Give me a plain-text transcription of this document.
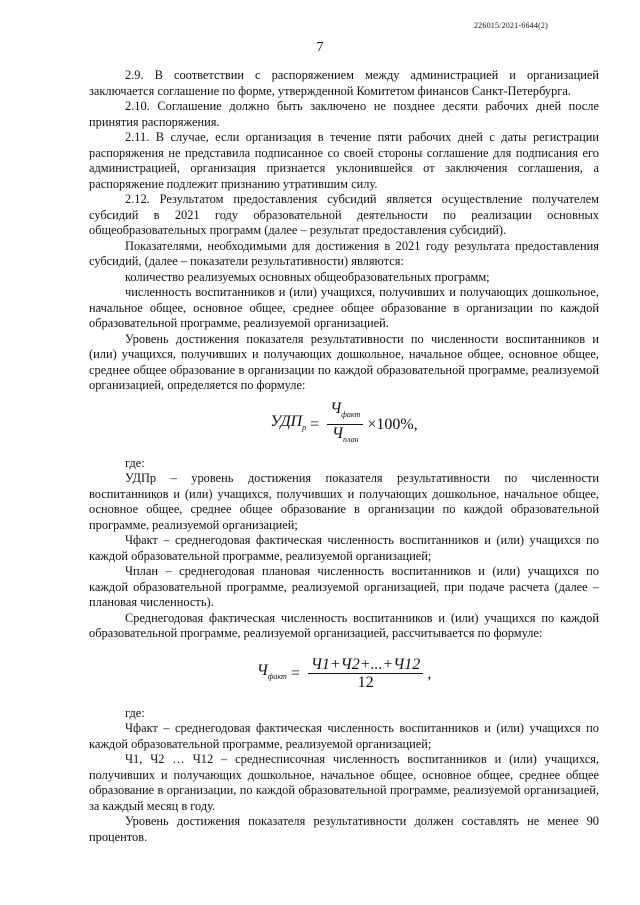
226015/2021-6644(2)
7

2.9. В соответствии с распоряжением между администрацией и организацией заключается соглашение по форме, утвержденной Комитетом финансов Санкт-Петербурга.

2.10. Соглашение должно быть заключено не позднее десяти рабочих дней после принятия распоряжения.

2.11. В случае, если организация в течение пяти рабочих дней с даты регистрации распоряжения не представила подписанное со своей стороны соглашение для подписания его администрацией, организация признается уклонившейся от заключения соглашения, а распоряжение подлежит признанию утратившим силу.

2.12. Результатом предоставления субсидий является осуществление получателем субсидий в 2021 году образовательной деятельности по реализации основных общеобразовательных программ (далее – результат предоставления субсидий).

Показателями, необходимыми для достижения в 2021 году результата предоставления субсидий, (далее – показатели результативности) являются:

количество реализуемых основных общеобразовательных программ;

численность воспитанников и (или) учащихся, получивших и получающих дошкольное, начальное общее, основное общее, среднее общее образование в организации по каждой образовательной программе, реализуемой организацией.

Уровень достижения показателя результативности по численности воспитанников и (или) учащихся, получивших и получающих дошкольное, начальное общее, основное общее, среднее общее образование в организации по каждой образовательной программе, реализуемой организацией, определяется по формуле:

$УДП_р = \frac{Ч_{факт}}{Ч_{план}} \times 100\%$,

где:

УДПр – уровень достижения показателя результативности по численности воспитанников и (или) учащихся, получивших и получающих дошкольное, начальное общее, основное общее, среднее общее образование в организации по каждой образовательной программе, реализуемой организацией;

Чфакт – среднегодовая фактическая численность воспитанников и (или) учащихся по каждой образовательной программе, реализуемой организацией;

Чплан – среднегодовая плановая численность воспитанников и (или) учащихся по каждой образовательной программе, реализуемой организацией, при подаче расчета (далее – плановая численность).

Среднегодовая фактическая численность воспитанников и (или) учащихся по каждой образовательной программе, реализуемой организацией, рассчитывается по формуле:

$Ч_{факт} = \frac{Ч1+Ч2+...+Ч12}{12}$ ,

где:

Чфакт – среднегодовая фактическая численность воспитанников и (или) учащихся по каждой образовательной программе, реализуемой организацией;

Ч1, Ч2 … Ч12 – среднесписочная численность воспитанников и (или) учащихся, получивших и получающих дошкольное, начальное общее, основное общее, среднее общее образование в организации, по каждой образовательной программе, реализуемой организацией, за каждый месяц в году.

Уровень достижения показателя результативности должен составлять не менее 90 процентов.
